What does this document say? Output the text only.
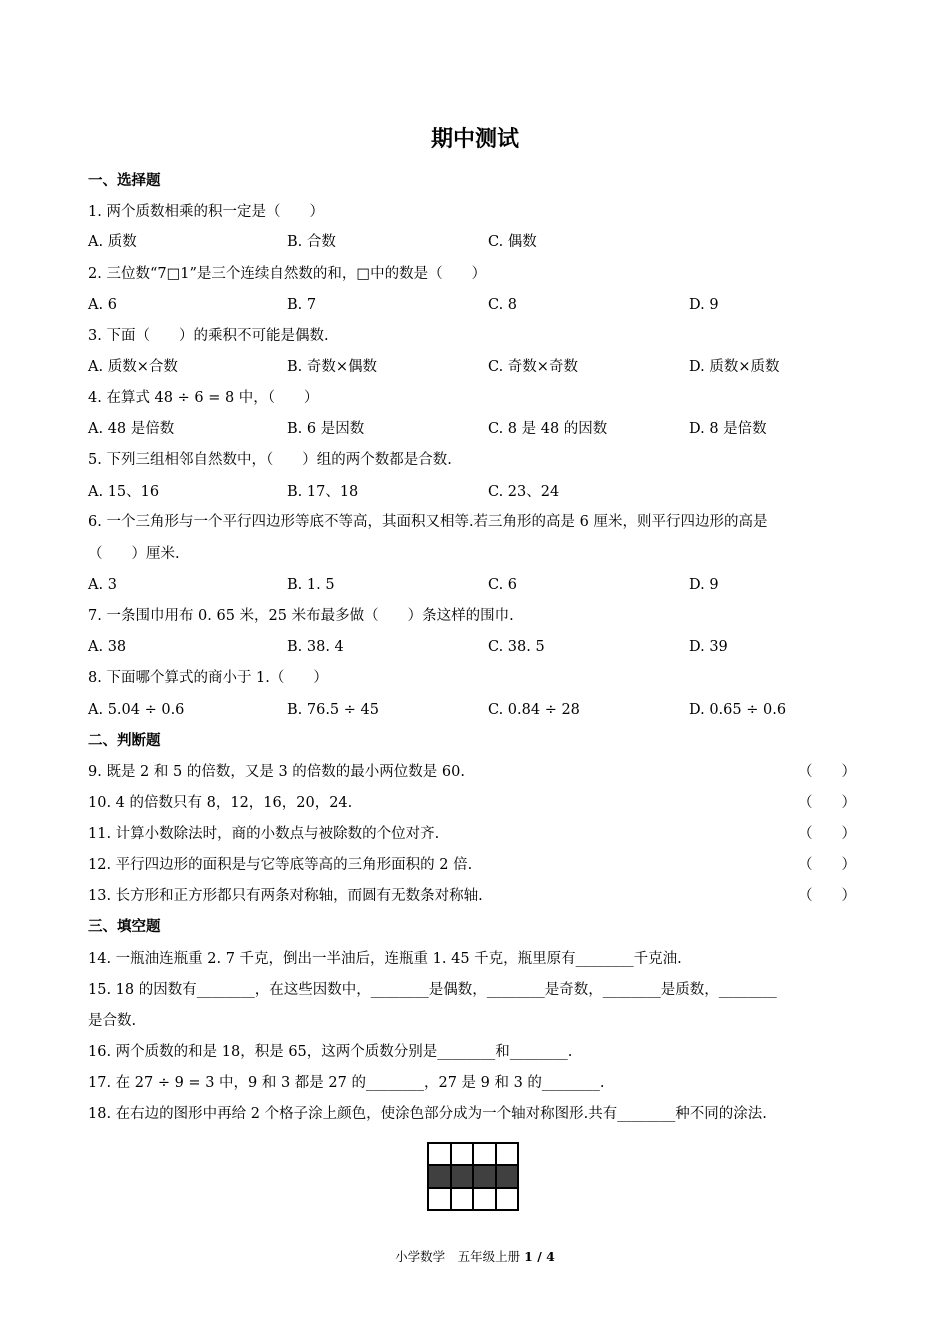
期中测试
一、选择题
1. 两个质数相乘的积一定是（　　）
A. 质数	B. 合数	C. 偶数
2. 三位数“7□1”是三个连续自然数的和，□中的数是（　　）
A. 6	B. 7	C. 8	D. 9
3. 下面（　　）的乘积不可能是偶数.
A. 质数×合数	B. 奇数×偶数	C. 奇数×奇数	D. 质数×质数
4. 在算式 48 ÷ 6 = 8 中，（　　）
A. 48 是倍数	B. 6 是因数	C. 8 是 48 的因数	D. 8 是倍数
5. 下列三组相邻自然数中，（　　）组的两个数都是合数.
A. 15、16	B. 17、18	C. 23、24
6. 一个三角形与一个平行四边形等底不等高，其面积又相等.若三角形的高是 6 厘米，则平行四边形的高是
（　　）厘米.
A. 3	B. 1. 5	C. 6	D. 9
7. 一条围巾用布 0. 65 米，25 米布最多做（　　）条这样的围巾.
A. 38	B. 38. 4	C. 38. 5	D. 39
8. 下面哪个算式的商小于 1.（　　）
A. 5.04 ÷ 0.6	B. 76.5 ÷ 45	C. 0.84 ÷ 28	D. 0.65 ÷ 0.6
二、判断题
9. 既是 2 和 5 的倍数，又是 3 的倍数的最小两位数是 60.	（　　）
10. 4 的倍数只有 8，12，16，20，24.	（　　）
11. 计算小数除法时，商的小数点与被除数的个位对齐.	（　　）
12. 平行四边形的面积是与它等底等高的三角形面积的 2 倍.	（　　）
13. 长方形和正方形都只有两条对称轴，而圆有无数条对称轴.	（　　）
三、填空题
14. 一瓶油连瓶重 2. 7 千克，倒出一半油后，连瓶重 1. 45 千克，瓶里原有________千克油.
15. 18 的因数有________，在这些因数中，________是偶数，________是奇数，________是质数，________
是合数.
16. 两个质数的和是 18，积是 65，这两个质数分别是________和________.
17. 在 27 ÷ 9 = 3 中，9 和 3 都是 27 的________，27 是 9 和 3 的________.
18. 在右边的图形中再给 2 个格子涂上颜色，使涂色部分成为一个轴对称图形.共有________种不同的涂法.
小学数学　五年级上册 1 / 4
